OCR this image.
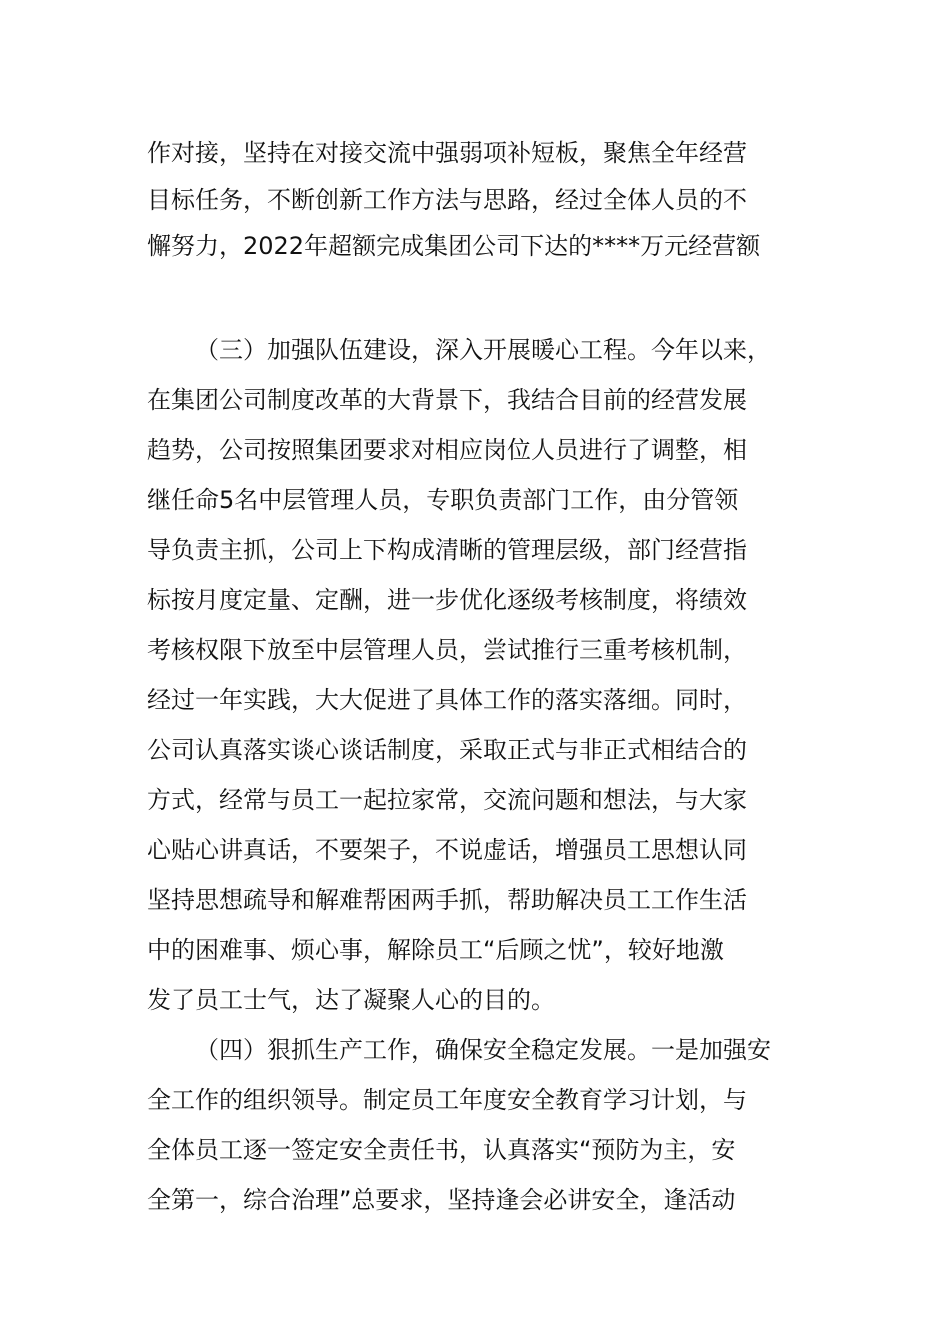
作对接，坚持在对接交流中强弱项补短板，聚焦全年经营
目标任务，不断创新工作方法与思路，经过全体人员的不
懈努力，2022年超额完成集团公司下达的****万元经营额
（三）加强队伍建设，深入开展暖心工程。今年以来，
在集团公司制度改革的大背景下，我结合目前的经营发展
趋势，公司按照集团要求对相应岗位人员进行了调整，相
继任命5名中层管理人员，专职负责部门工作，由分管领
导负责主抓，公司上下构成清晰的管理层级，部门经营指
标按月度定量、定酬，进一步优化逐级考核制度，将绩效
考核权限下放至中层管理人员，尝试推行三重考核机制，
经过一年实践，大大促进了具体工作的落实落细。同时，
公司认真落实谈心谈话制度，采取正式与非正式相结合的
方式，经常与员工一起拉家常，交流问题和想法，与大家
心贴心讲真话，不要架子，不说虚话，增强员工思想认同
坚持思想疏导和解难帮困两手抓，帮助解决员工工作生活
中的困难事、烦心事，解除员工“后顾之忧”，较好地激
发了员工士气，达了凝聚人心的目的。
（四）狠抓生产工作，确保安全稳定发展。一是加强安
全工作的组织领导。制定员工年度安全教育学习计划，与
全体员工逐一签定安全责任书，认真落实“预防为主，安
全第一，综合治理”总要求，坚持逢会必讲安全，逢活动
